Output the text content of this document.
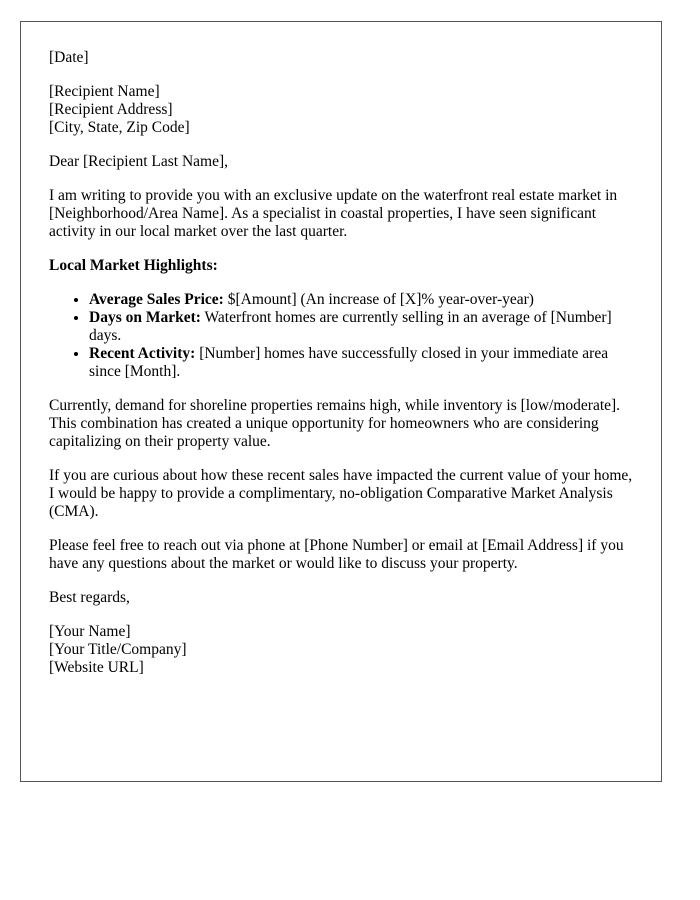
[Date]
[Recipient Name]
[Recipient Address]
[City, State, Zip Code]

Dear [Recipient Last Name],

I am writing to provide you with an exclusive update on the waterfront real estate market in [Neighborhood/Area Name]. As a specialist in coastal properties, I have seen significant activity in our local market over the last quarter.

Local Market Highlights:
• Average Sales Price: $[Amount] (An increase of [X]% year-over-year)
• Days on Market: Waterfront homes are currently selling in an average of [Number] days.
• Recent Activity: [Number] homes have successfully closed in your immediate area since [Month].

Currently, demand for shoreline properties remains high, while inventory is [low/moderate]. This combination has created a unique opportunity for homeowners who are considering capitalizing on their property value.

If you are curious about how these recent sales have impacted the current value of your home, I would be happy to provide a complimentary, no-obligation Comparative Market Analysis (CMA).

Please feel free to reach out via phone at [Phone Number] or email at [Email Address] if you have any questions about the market or would like to discuss your property.

Best regards,
[Your Name]
[Your Title/Company]
[Website URL]
